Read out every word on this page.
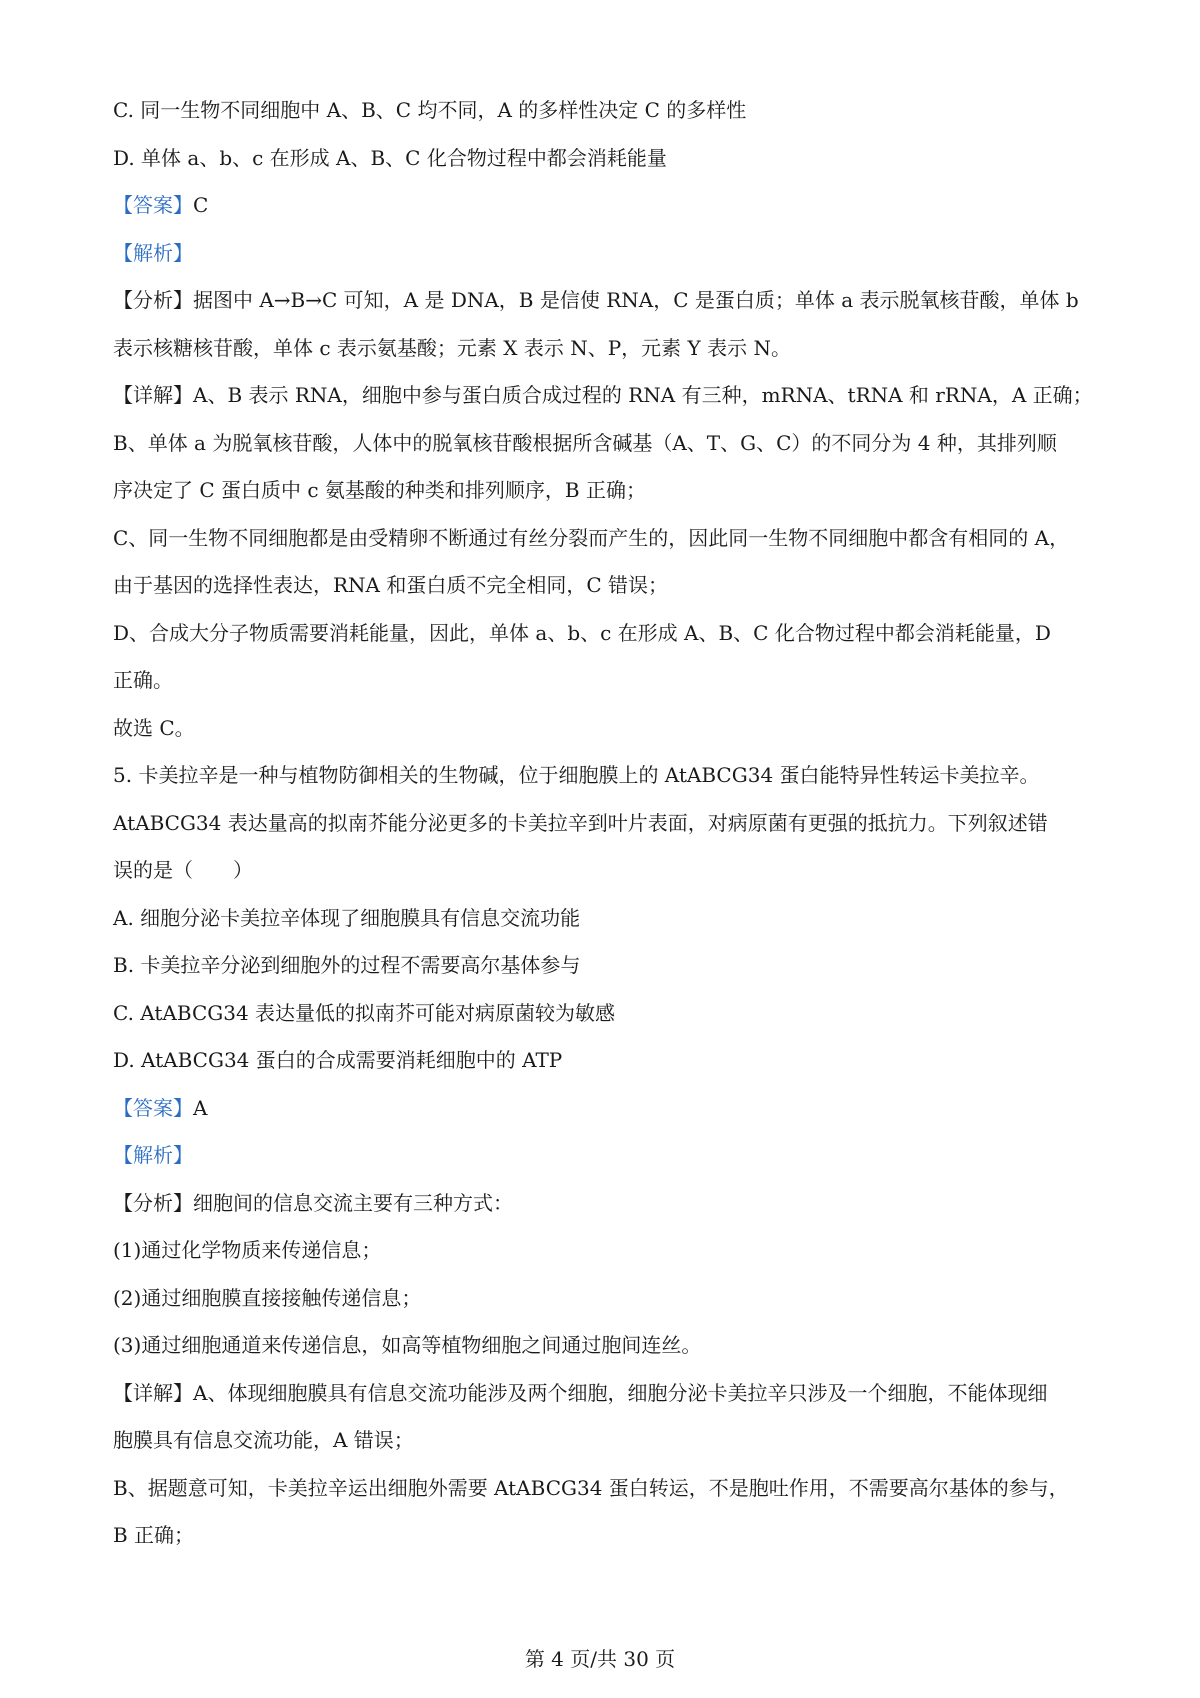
C. 同一生物不同细胞中 A、B、C 均不同，A 的多样性决定 C 的多样性
D. 单体 a、b、c 在形成 A、B、C 化合物过程中都会消耗能量
【答案】C
【解析】
【分析】据图中 A→B→C 可知，A 是 DNA，B 是信使 RNA，C 是蛋白质；单体 a 表示脱氧核苷酸，单体 b
表示核糖核苷酸，单体 c 表示氨基酸；元素 X 表示 N、P，元素 Y 表示 N。
【详解】A、B 表示 RNA，细胞中参与蛋白质合成过程的 RNA 有三种，mRNA、tRNA 和 rRNA，A 正确；
B、单体 a 为脱氧核苷酸，人体中的脱氧核苷酸根据所含碱基（A、T、G、C）的不同分为 4 种，其排列顺
序决定了 C 蛋白质中 c 氨基酸的种类和排列顺序，B 正确；
C、同一生物不同细胞都是由受精卵不断通过有丝分裂而产生的，因此同一生物不同细胞中都含有相同的 A，
由于基因的选择性表达，RNA 和蛋白质不完全相同，C 错误；
D、合成大分子物质需要消耗能量，因此，单体 a、b、c 在形成 A、B、C 化合物过程中都会消耗能量，D
正确。
故选 C。
5. 卡美拉辛是一种与植物防御相关的生物碱，位于细胞膜上的 AtABCG34 蛋白能特异性转运卡美拉辛。
AtABCG34 表达量高的拟南芥能分泌更多的卡美拉辛到叶片表面，对病原菌有更强的抵抗力。下列叙述错
误的是（　　）
A. 细胞分泌卡美拉辛体现了细胞膜具有信息交流功能
B. 卡美拉辛分泌到细胞外的过程不需要高尔基体参与
C. AtABCG34 表达量低的拟南芥可能对病原菌较为敏感
D. AtABCG34 蛋白的合成需要消耗细胞中的 ATP
【答案】A
【解析】
【分析】细胞间的信息交流主要有三种方式：
(1)通过化学物质来传递信息；
(2)通过细胞膜直接接触传递信息；
(3)通过细胞通道来传递信息，如高等植物细胞之间通过胞间连丝。
【详解】A、体现细胞膜具有信息交流功能涉及两个细胞，细胞分泌卡美拉辛只涉及一个细胞，不能体现细
胞膜具有信息交流功能，A 错误；
B、据题意可知，卡美拉辛运出细胞外需要 AtABCG34 蛋白转运，不是胞吐作用，不需要高尔基体的参与，
B 正确；
第 4 页/共 30 页
